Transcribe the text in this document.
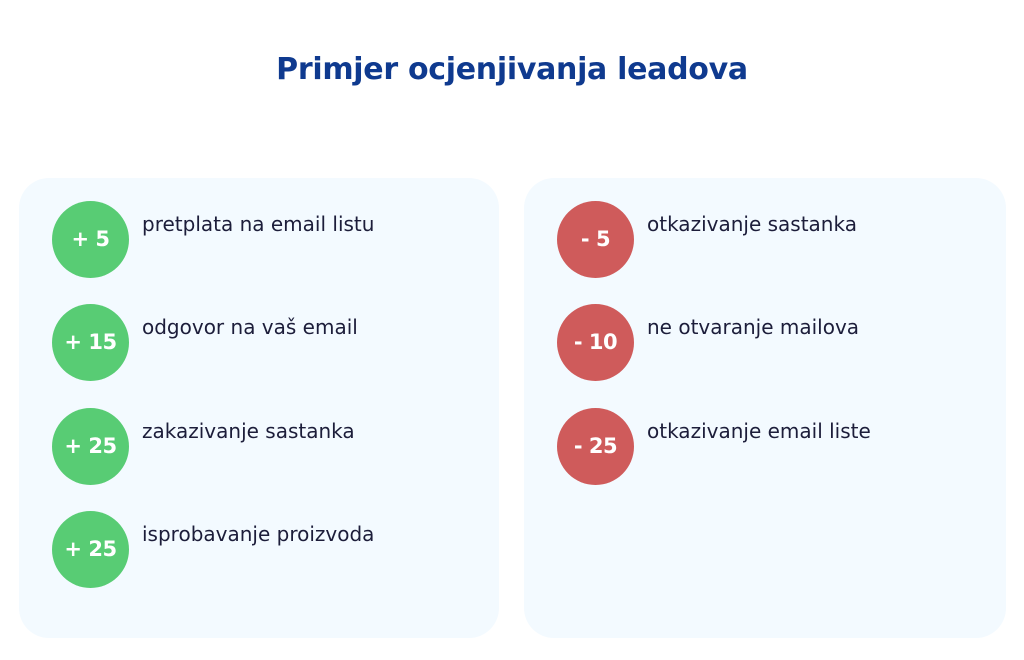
Primjer ocjenjivanja leadova
+ 5
pretplata na email listu
+ 15
odgovor na vaš email
+ 25
zakazivanje sastanka
+ 25
isprobavanje proizvoda
- 5
otkazivanje sastanka
- 10
ne otvaranje mailova
- 25
otkazivanje email liste
